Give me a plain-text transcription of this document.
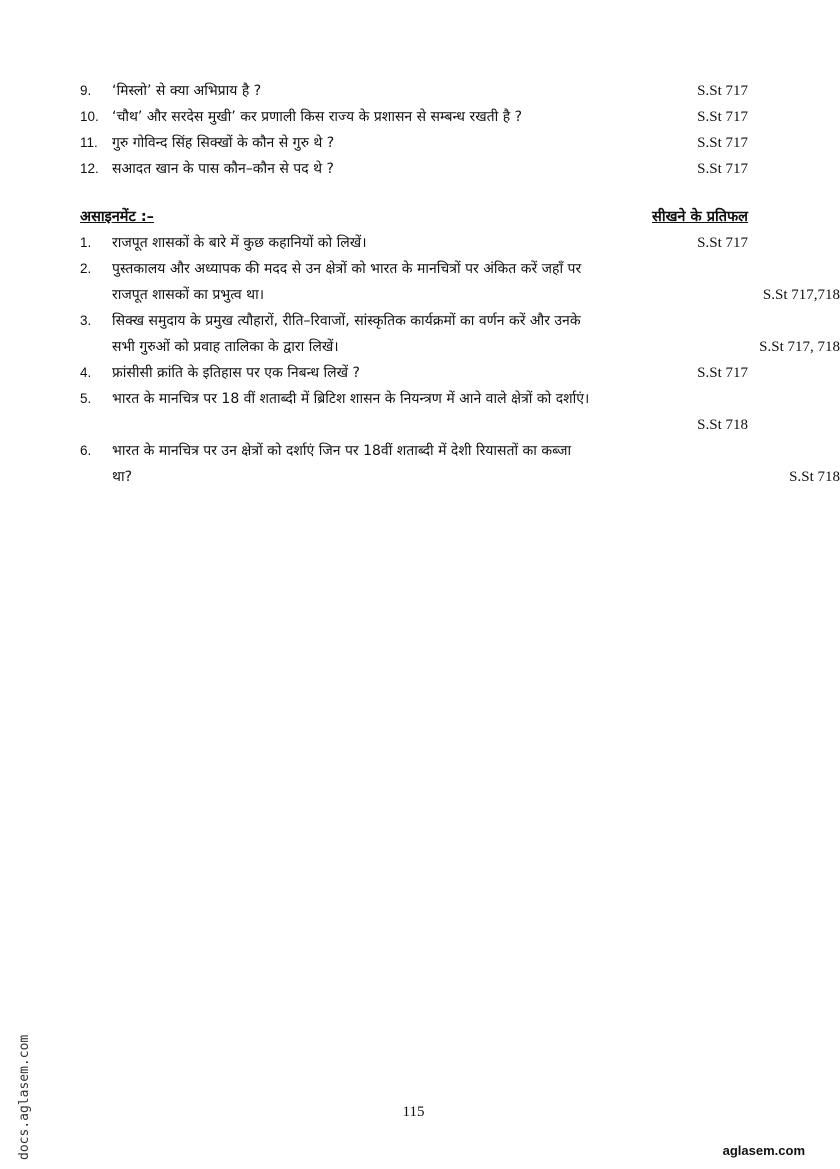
9. ‘मिस्लो’ से क्या अभिप्राय है ?	S.St 717
10. ‘चौथ’ और सरदेस मुखी’ कर प्रणाली किस राज्य के प्रशासन से सम्बन्ध रखती है ?	S.St 717
11. गुरु गोविन्द सिंह सिक्खों के कौन से गुरु थे ?	S.St 717
12. सआदत खान के पास कौन–कौन से पद थे ?	S.St 717
असाइनमेंट :–	सीखने के प्रतिफल
1. राजपूत शासकों के बारे में कुछ कहानियों को लिखें।	S.St 717
2. पुस्तकालय और अध्यापक की मदद से उन क्षेत्रों को भारत के मानचित्रों पर अंकित करें जहाँ पर
राजपूत शासकों का प्रभुत्व था।	S.St 717,718
3. सिक्ख समुदाय के प्रमुख त्यौहारों, रीति–रिवाजों, सांस्कृतिक कार्यक्रमों का वर्णन करें और उनके
सभी गुरुओं को प्रवाह तालिका के द्वारा लिखें।	S.St 717, 718
4. फ्रांसीसी क्रांति के इतिहास पर एक निबन्ध लिखें ?	S.St 717
5. भारत के मानचित्र पर 18 वीं शताब्दी में ब्रिटिश शासन के नियन्त्रण में आने वाले क्षेत्रों को दर्शाएं।
S.St 718
6. भारत के मानचित्र पर उन क्षेत्रों को दर्शाएं जिन पर 18वीं शताब्दी में देशी रियासतों का कब्जा
था?	S.St 718
docs.aglasem.com	115
aglasem.com
